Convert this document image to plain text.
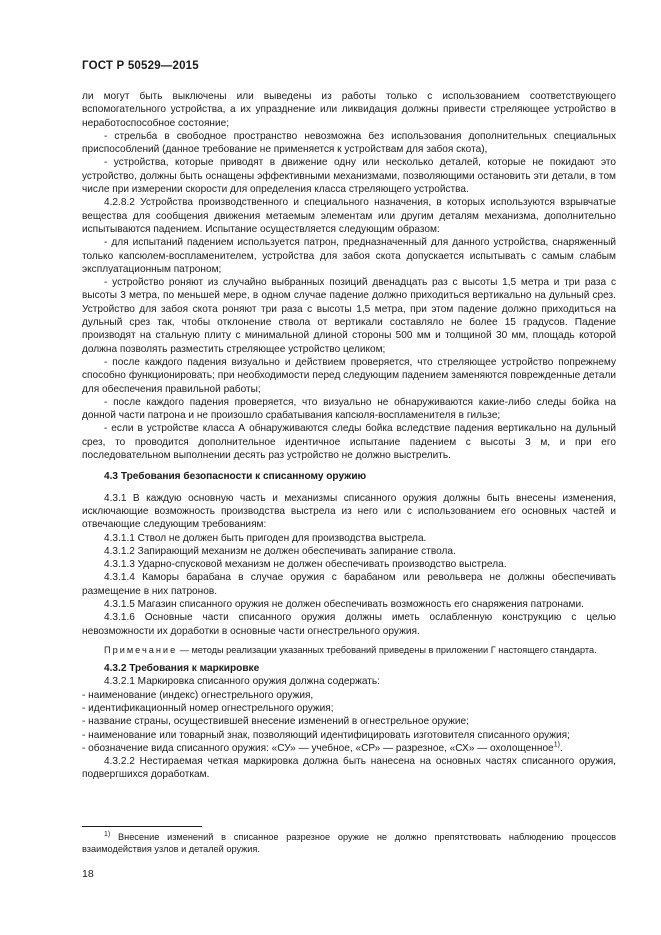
ГОСТ Р 50529—2015

ли могут быть выключены или выведены из работы только с использованием соответствующего вспомогательного устройства, а их упразднение или ликвидация должны привести стреляющее устройство в неработоспособное состояние;

- стрельба в свободное пространство невозможна без использования дополнительных специальных приспособлений (данное требование не применяется к устройствам для забоя скота),

- устройства, которые приводят в движение одну или несколько деталей, которые не покидают это устройство, должны быть оснащены эффективными механизмами, позволяющими остановить эти детали, в том числе при измерении скорости для определения класса стреляющего устройства.

4.2.8.2 Устройства производственного и специального назначения, в которых используются взрывчатые вещества для сообщения движения метаемым элементам или другим деталям механизма, дополнительно испытываются падением. Испытание осуществляется следующим образом:

- для испытаний падением используется патрон, предназначенный для данного устройства, снаряженный только капсюлем-воспламенителем, устройства для забоя скота допускается испытывать с самым слабым эксплуатационным патроном;

- устройство роняют из случайно выбранных позиций двенадцать раз с высоты 1,5 метра и три раза с высоты 3 метра, по меньшей мере, в одном случае падение должно приходиться вертикально на дульный срез. Устройство для забоя скота роняют три раза с высоты 1,5 метра, при этом падение должно приходиться на дульный срез так, чтобы отклонение ствола от вертикали составляло не более 15 градусов. Падение производят на стальную плиту с минимальной длиной стороны 500 мм и толщиной 30 мм, площадь которой должна позволять разместить стреляющее устройство целиком;

- после каждого падения визуально и действием проверяется, что стреляющее устройство попрежнему способно функционировать; при необходимости перед следующим падением заменяются поврежденные детали для обеспечения правильной работы;

- после каждого падения проверяется, что визуально не обнаруживаются какие-либо следы бойка на донной части патрона и не произошло срабатывания капсюля-воспламенителя в гильзе;

- если в устройстве класса А обнаруживаются следы бойка вследствие падения вертикально на дульный срез, то проводится дополнительное идентичное испытание падением с высоты 3 м, и при его последовательном выполнении десять раз устройство не должно выстрелить.

4.3 Требования безопасности к списанному оружию

4.3.1 В каждую основную часть и механизмы списанного оружия должны быть внесены изменения, исключающие возможность производства выстрела из него или с использованием его основных частей и отвечающие следующим требованиям:

4.3.1.1 Ствол не должен быть пригоден для производства выстрела.

4.3.1.2 Запирающий механизм не должен обеспечивать запирание ствола.

4.3.1.3 Ударно-спусковой механизм не должен обеспечивать производство выстрела.

4.3.1.4 Каморы барабана в случае оружия с барабаном или револьвера не должны обеспечивать размещение в них патронов.

4.3.1.5 Магазин списанного оружия не должен обеспечивать возможность его снаряжения патронами.

4.3.1.6 Основные части списанного оружия должны иметь ослабленную конструкцию с целью невозможности их доработки в основные части огнестрельного оружия.

Примечание — методы реализации указанных требований приведены в приложении Г настоящего стандарта.

4.3.2 Требования к маркировке

4.3.2.1 Маркировка списанного оружия должна содержать:

- наименование (индекс) огнестрельного оружия,

- идентификационный номер огнестрельного оружия;

- название страны, осуществившей внесение изменений в огнестрельное оружие;

- наименование или товарный знак, позволяющий идентифицировать изготовителя списанного оружия;

- обозначение вида списанного оружия: «СУ» — учебное, «СР» — разрезное, «СХ» — охолощенное$^{1)}$.

4.3.2.2 Нестираемая четкая маркировка должна быть нанесена на основных частях списанного оружия, подвергшихся доработкам.

$^{1)}$ Внесение изменений в списанное разрезное оружие не должно препятствовать наблюдению процессов взаимодействия узлов и деталей оружия.

18
